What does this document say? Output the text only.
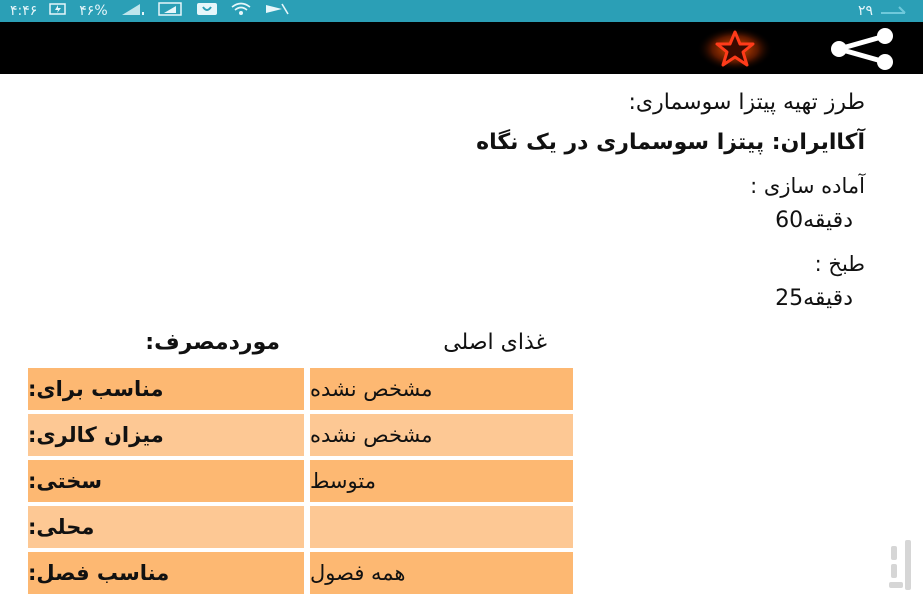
۴:۴۶	۴۶%	۲۹
طرز تهیه پیتزا سوسماری:
آکاایران: پیتزا سوسماری در یک نگاه
آماده سازی :
60دقیقه
طبخ :
25دقیقه
غذای اصلی
موردمصرف:
مناسب برای:	مشخص نشده
میزان کالری:	مشخص نشده
سختی:	متوسط
محلی:
مناسب فصل:	همه فصول
